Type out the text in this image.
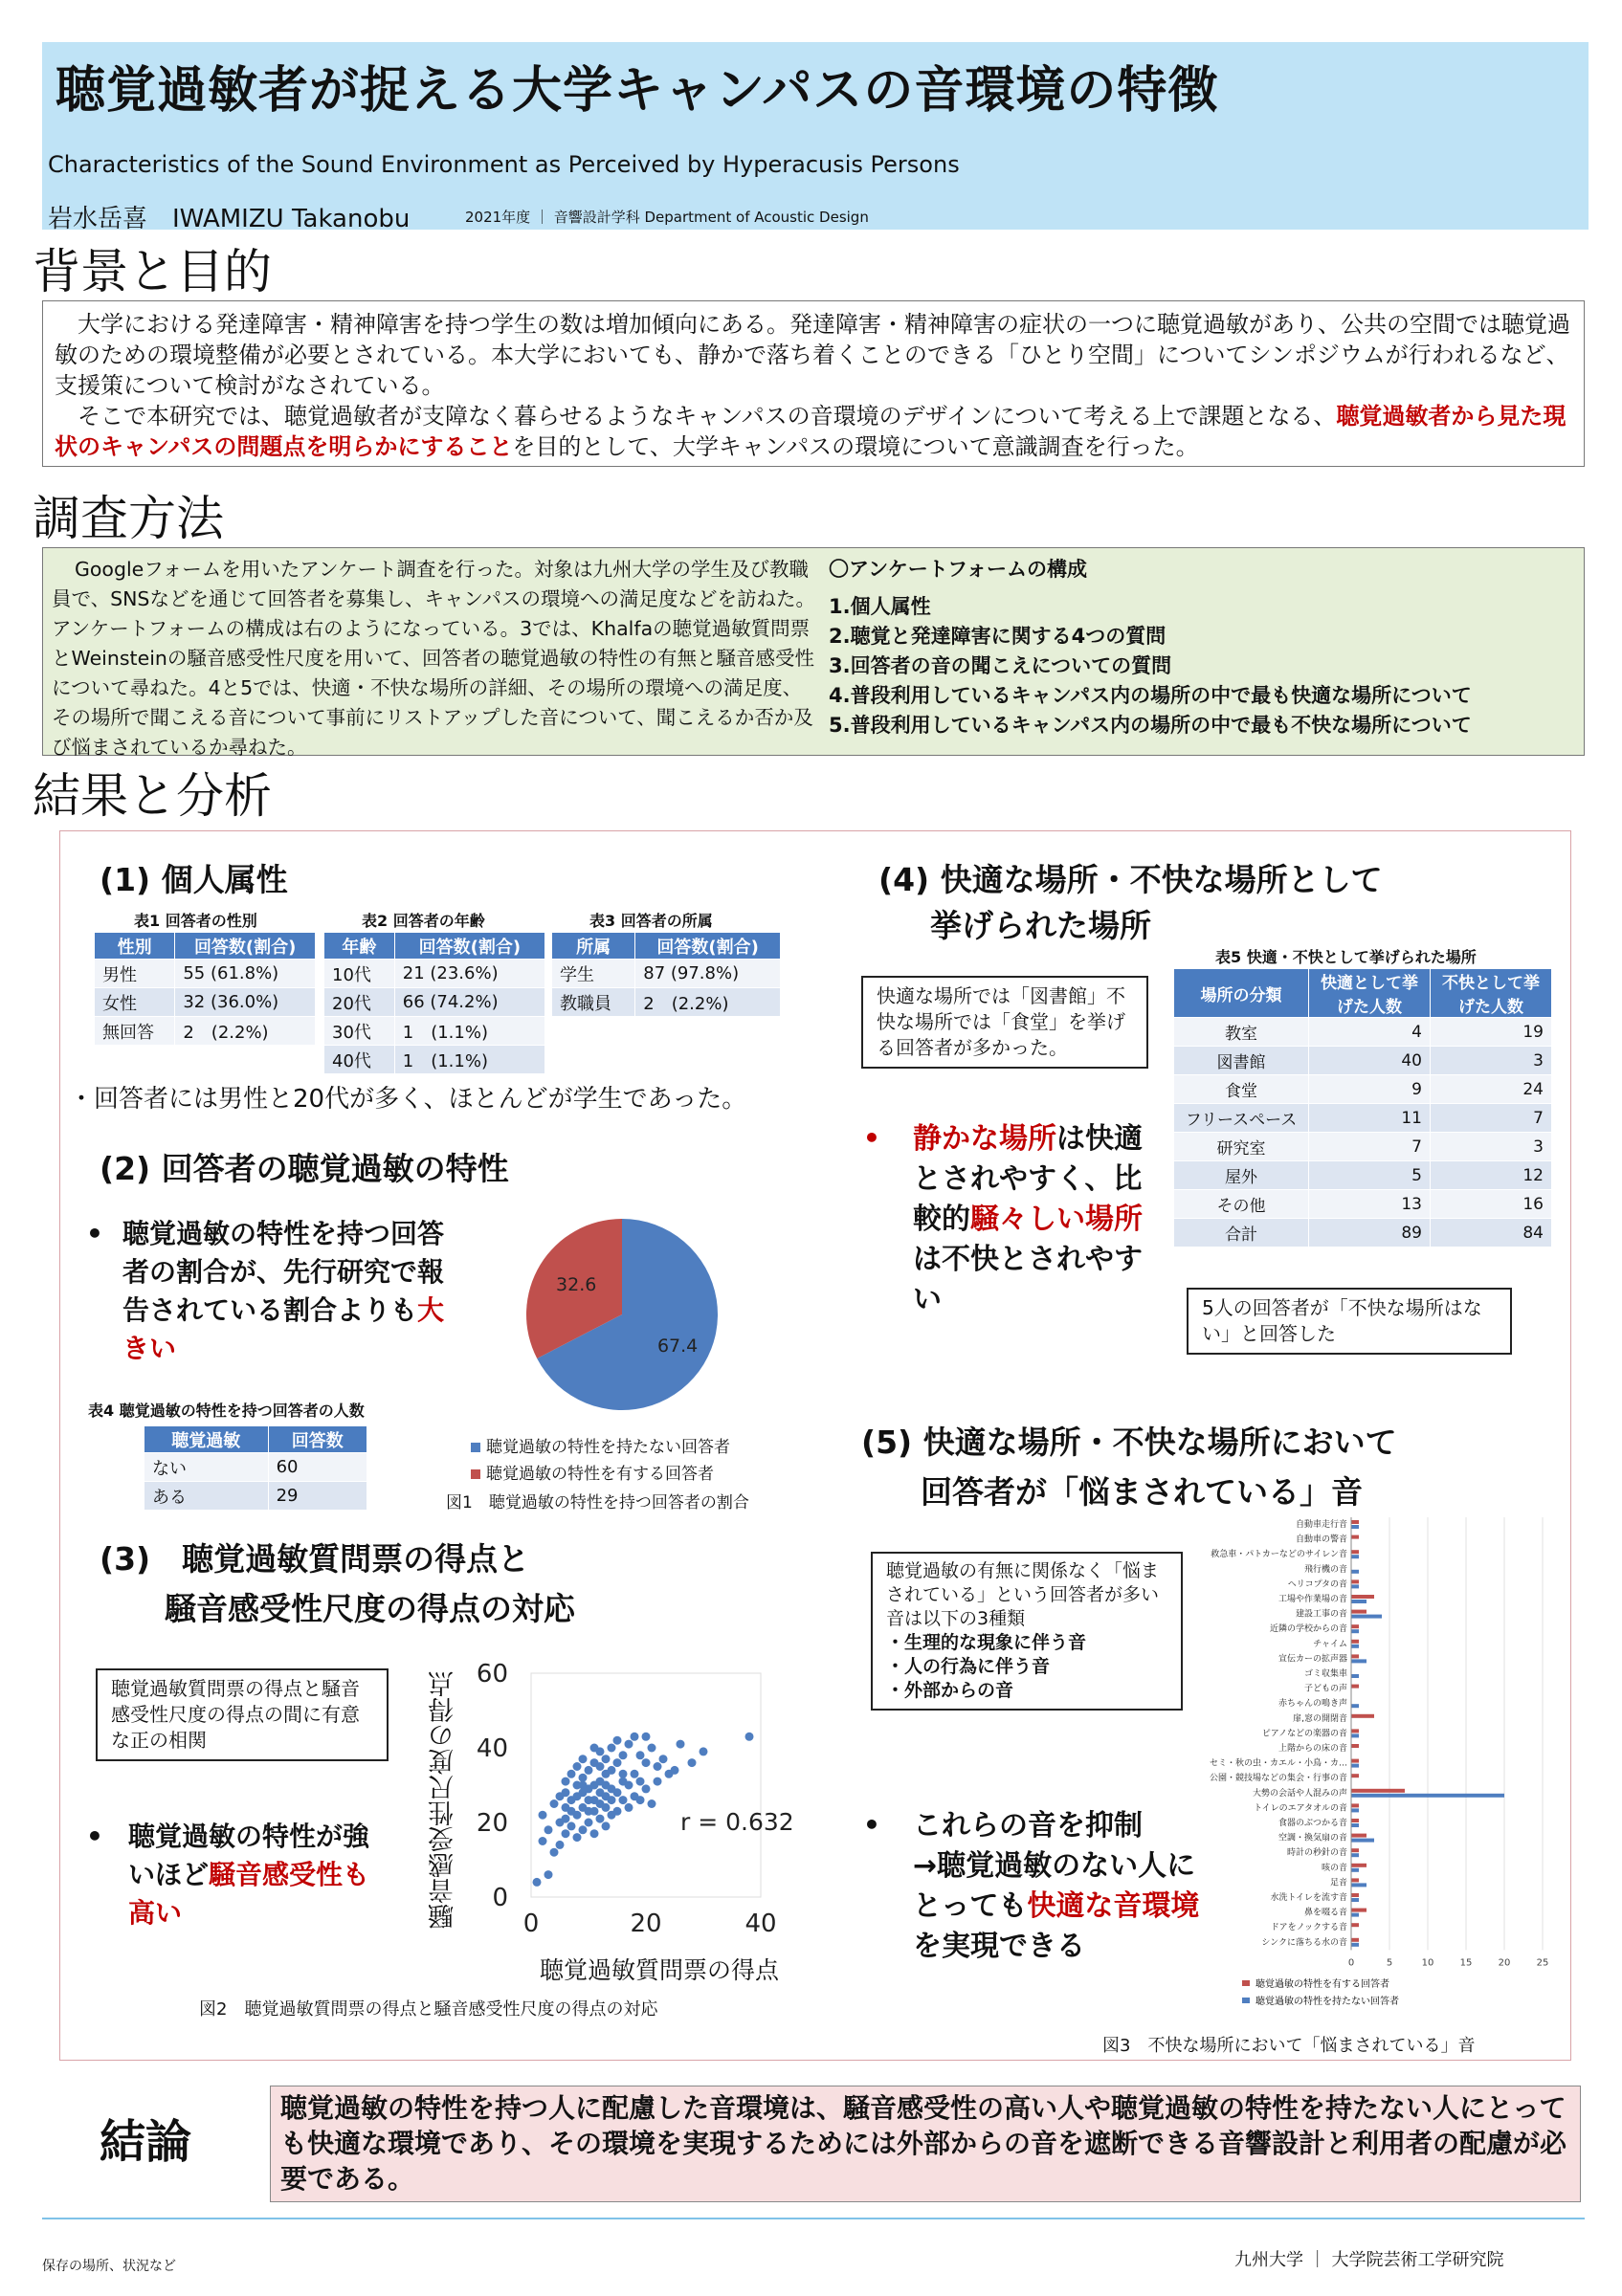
聴覚過敏者が捉える大学キャンパスの音環境の特徴
Characteristics of the Sound Environment as Perceived by Hyperacusis Persons
岩水岳喜　IWAMIZU Takanobu	2021年度 ｜ 音響設計学科 Department of Acoustic Design
背景と目的

大学における発達障害・精神障害を持つ学生の数は増加傾向にある。発達障害・精神障害の症状の一つに聴覚過敏があり、公共の空間では聴覚過敏のための環境整備が必要とされている。本大学においても、静かで落ち着くことのできる「ひとり空間」についてシンポジウムが行われるなど、支援策について検討がなされている。

そこで本研究では、聴覚過敏者が支障なく暮らせるようなキャンパスの音環境のデザインについて考える上で課題となる、聴覚過敏者から見た現状のキャンパスの問題点を明らかにすることを目的として、大学キャンパスの環境について意識調査を行った。

調査方法
Googleフォームを用いたアンケート調査を行った。対象は九州大学の学生及び教職員で、SNSなどを通じて回答者を募集し、キャンパスの環境への満足度などを訪ねた。アンケートフォームの構成は右のようになっている。3では、Khalfaの聴覚過敏質問票とWeinsteinの騒音感受性尺度を用いて、回答者の聴覚過敏の特性の有無と騒音感受性について尋ねた。4と5では、快適・不快な場所の詳細、その場所の環境への満足度、その場所で聞こえる音について事前にリストアップした音について、聞こえるか否か及び悩まされているか尋ねた。
〇アンケートフォームの構成
1.個人属性
2.聴覚と発達障害に関する4つの質問
3.回答者の音の聞こえについての質問
4.普段利用しているキャンパス内の場所の中で最も快適な場所について
5.普段利用しているキャンパス内の場所の中で最も不快な場所について
結果と分析
(1) 個人属性
表1 回答者の性別
性別	回答数(割合)
男性	55 (61.8%)
女性	32 (36.0%)
無回答	2　(2.2%)
表2 回答者の年齢
年齢	回答数(割合)
10代	21 (23.6%)
20代	66 (74.2%)
30代	1　(1.1%)
40代	1　(1.1%)
表3 回答者の所属
所属	回答数(割合)
学生	87 (97.8%)
教職員	2　(2.2%)
・回答者には男性と20代が多く、ほとんどが学生であった。
(2) 回答者の聴覚過敏の特性
• 聴覚過敏の特性を持つ回答者の割合が、先行研究で報告されている割合よりも大きい	67.4
32.6
表4 聴覚過敏の特性を持つ回答者の人数
聴覚過敏	回答数
ない	60
ある	29
聴覚過敏の特性を持たない回答者
聴覚過敏の特性を有する回答者
図1　聴覚過敏の特性を持つ回答者の割合
(3)　聴覚過敏質問票の得点と
騒音感受性尺度の得点の対応
聴覚過敏質問票の得点と騒音感受性尺度の得点の間に有意な正の相関
• 聴覚過敏の特性が強いほど騒音感受性も高い	0
20
40
60
0	20	40
r = 0.632
聴覚過敏質問票の得点
騒音感受性尺度の得点
図2　聴覚過敏質問票の得点と騒音感受性尺度の得点の対応
(4) 快適な場所・不快な場所として
挙げられた場所
表5 快適・不快として挙げられた場所
場所の分類	快適として挙げた人数	不快として挙げた人数
教室	4	19
図書館	40	3
食堂	9	24
フリースペース	11	7
研究室	7	3
屋外	5	12
その他	13	16
合計	89	84
快適な場所では「図書館」不快な場所では「食堂」を挙げる回答者が多かった。
5人の回答者が「不快な場所はない」と回答した
• 静かな場所は快適とされやすく、比較的騒々しい場所は不快とされやすい
(5) 快適な場所・不快な場所において
回答者が「悩まされている」音
聴覚過敏の有無に関係なく「悩まされている」という回答者が多い音は以下の3種類
・生理的な現象に伴う音
・人の行為に伴う音
・外部からの音
• これらの音を抑制
→聴覚過敏のない人にとっても快適な音環境を実現できる	0	5	10	15	20	25
自動車走行音
自動車の警音
救急車・パトカーなどのサイレン音
飛行機の音
ヘリコプタの音
工場や作業場の音
建設工事の音
近隣の学校からの音
チャイム
宣伝カーの拡声器
ゴミ収集車
子どもの声
赤ちゃんの鳴き声
扉,窓の開閉音
ピアノなどの楽器の音
上階からの床の音
セミ・秋の虫・カエル・小鳥・カ…
公園・競技場などの集会・行事の音
大勢の会話や人混みの声
トイレのエアタオルの音
食器のぶつかる音
空調・換気扇の音
時計の秒針の音
咳の音
足音
水洗トイレを流す音
鼻を啜る音
ドアをノックする音
シンクに落ちる水の音
聴覚過敏の特性を有する回答者
聴覚過敏の特性を持たない回答者
図3　不快な場所において「悩まされている」音
結論
聴覚過敏の特性を持つ人に配慮した音環境は、騒音感受性の高い人や聴覚過敏の特性を持たない人にとっても快適な環境であり、その環境を実現するためには外部からの音を遮断できる音響設計と利用者の配慮が必要である。
保存の場所、状況など	九州大学 ｜ 大学院芸術工学研究院
